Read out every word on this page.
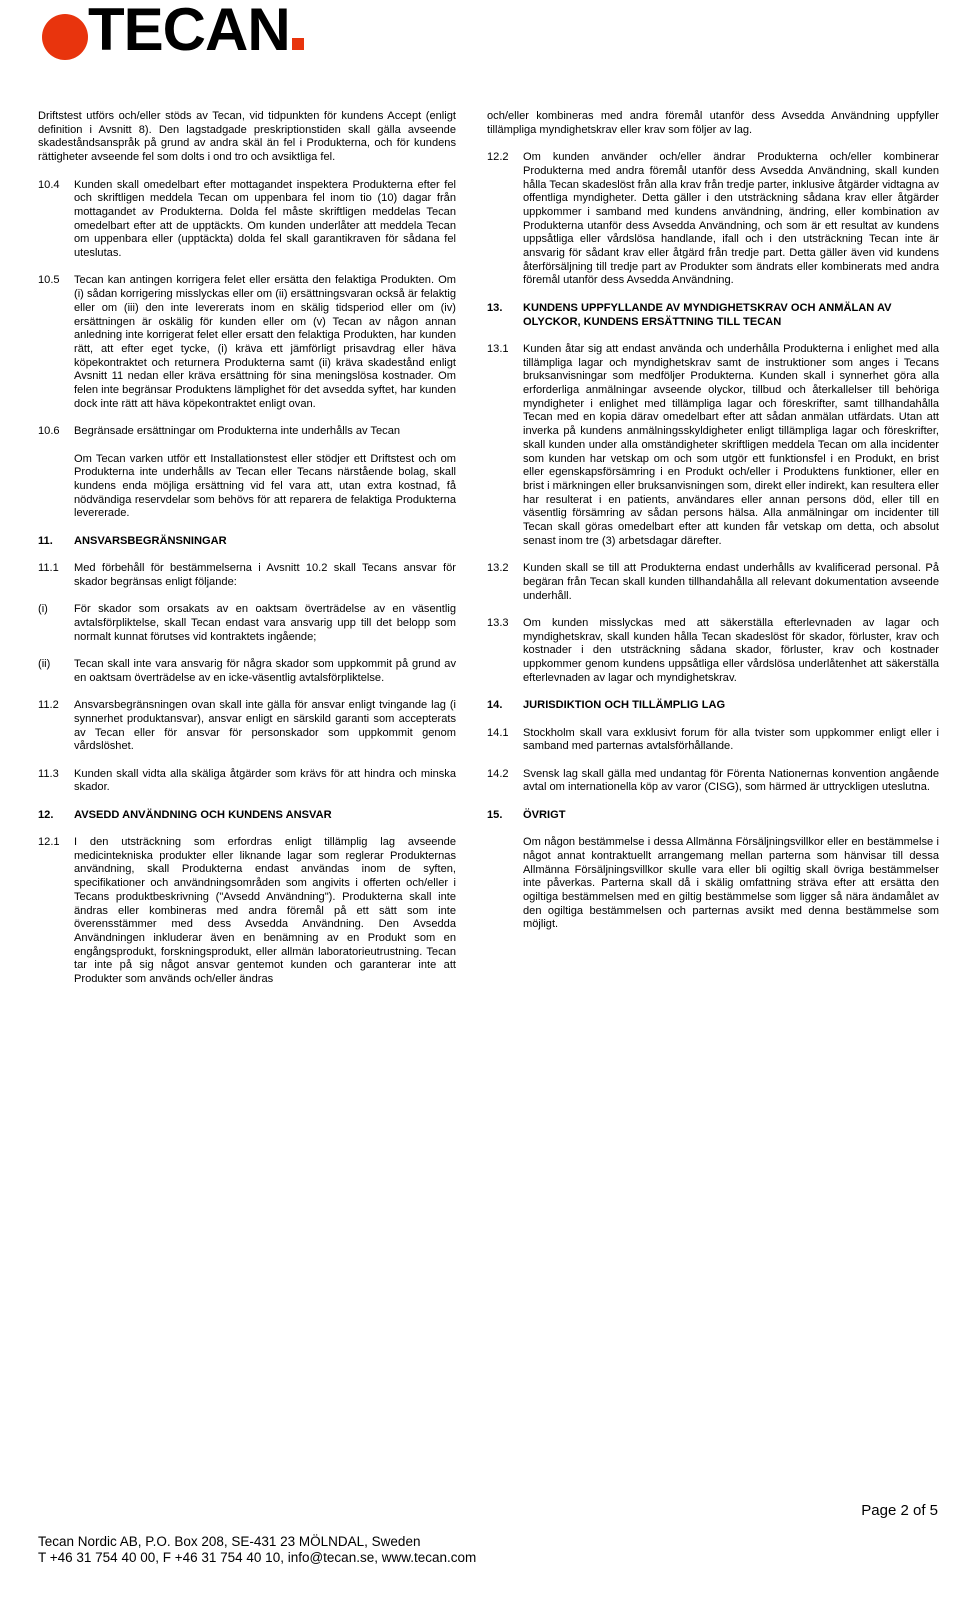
TECAN

Driftstest utförs och/eller stöds av Tecan, vid tidpunkten för kundens Accept (enligt definition i Avsnitt 8). Den lagstadgade preskriptionstiden skall gälla avseende skadeståndsanspråk på grund av andra skäl än fel i Produkterna, och för kundens rättigheter avseende fel som dolts i ond tro och avsiktliga fel.

10.4	Kunden skall omedelbart efter mottagandet inspektera Produkterna efter fel och skriftligen meddela Tecan om uppenbara fel inom tio (10) dagar från mottagandet av Produkterna. Dolda fel måste skriftligen meddelas Tecan omedelbart efter att de upptäckts. Om kunden underlåter att meddela Tecan om uppenbara eller (upptäckta) dolda fel skall garantikraven för sådana fel uteslutas.
10.5	Tecan kan antingen korrigera felet eller ersätta den felaktiga Produkten. Om (i) sådan korrigering misslyckas eller om (ii) ersättningsvaran också är felaktig eller om (iii) den inte levererats inom en skälig tidsperiod eller om (iv) ersättningen är oskälig för kunden eller om (v) Tecan av någon annan anledning inte korrigerat felet eller ersatt den felaktiga Produkten, har kunden rätt, att efter eget tycke, (i) kräva ett jämförligt prisavdrag eller häva köpekontraktet och returnera Produkterna samt (ii) kräva skadestånd enligt Avsnitt 11 nedan eller kräva ersättning för sina meningslösa kostnader. Om felen inte begränsar Produktens lämplighet för det avsedda syftet, har kunden dock inte rätt att häva köpekontraktet enligt ovan.
10.6	Begränsade ersättningar om Produkterna inte underhålls av Tecan
Om Tecan varken utför ett Installationstest eller stödjer ett Driftstest och om Produkterna inte underhålls av Tecan eller Tecans närstående bolag, skall kundens enda möjliga ersättning vid fel vara att, utan extra kostnad, få nödvändiga reservdelar som behövs för att reparera de felaktiga Produkterna levererade.
11.	ANSVARSBEGRÄNSNINGAR
11.1	Med förbehåll för bestämmelserna i Avsnitt 10.2 skall Tecans ansvar för skador begränsas enligt följande:
(i)	För skador som orsakats av en oaktsam överträdelse av en väsentlig avtalsförpliktelse, skall Tecan endast vara ansvarig upp till det belopp som normalt kunnat förutses vid kontraktets ingående;
(ii)	Tecan skall inte vara ansvarig för några skador som uppkommit på grund av en oaktsam överträdelse av en icke-väsentlig avtalsförpliktelse.
11.2	Ansvarsbegränsningen ovan skall inte gälla för ansvar enligt tvingande lag (i synnerhet produktansvar), ansvar enligt en särskild garanti som accepterats av Tecan eller för ansvar för personskador som uppkommit genom vårdslöshet.
11.3	Kunden skall vidta alla skäliga åtgärder som krävs för att hindra och minska skador.
12.	AVSEDD ANVÄNDNING OCH KUNDENS ANSVAR
12.1	I den utsträckning som erfordras enligt tillämplig lag avseende medicintekniska produkter eller liknande lagar som reglerar Produkternas användning, skall Produkterna endast användas inom de syften, specifikationer och användningsområden som angivits i offerten och/eller i Tecans produktbeskrivning ("Avsedd Användning"). Produkterna skall inte ändras eller kombineras med andra föremål på ett sätt som inte överensstämmer med dess Avsedda Användning. Den Avsedda Användningen inkluderar även en benämning av en Produkt som en engångsprodukt, forskningsprodukt, eller allmän laboratorieutrustning. Tecan tar inte på sig något ansvar gentemot kunden och garanterar inte att Produkter som används och/eller ändras

och/eller kombineras med andra föremål utanför dess Avsedda Användning uppfyller tillämpliga myndighetskrav eller krav som följer av lag.

12.2	Om kunden använder och/eller ändrar Produkterna och/eller kombinerar Produkterna med andra föremål utanför dess Avsedda Användning, skall kunden hålla Tecan skadeslöst från alla krav från tredje parter, inklusive åtgärder vidtagna av offentliga myndigheter. Detta gäller i den utsträckning sådana krav eller åtgärder uppkommer i samband med kundens användning, ändring, eller kombination av Produkterna utanför dess Avsedda Användning, och som är ett resultat av kundens uppsåtliga eller vårdslösa handlande, ifall och i den utsträckning Tecan inte är ansvarig för sådant krav eller åtgärd från tredje part. Detta gäller även vid kundens återförsäljning till tredje part av Produkter som ändrats eller kombinerats med andra föremål utanför dess Avsedda Användning.
13.	KUNDENS UPPFYLLANDE AV MYNDIGHETSKRAV OCH ANMÄLAN AV OLYCKOR, KUNDENS ERSÄTTNING TILL TECAN
13.1	Kunden åtar sig att endast använda och underhålla Produkterna i enlighet med alla tillämpliga lagar och myndighetskrav samt de instruktioner som anges i Tecans bruksanvisningar som medföljer Produkterna. Kunden skall i synnerhet göra alla erforderliga anmälningar avseende olyckor, tillbud och återkallelser till behöriga myndigheter i enlighet med tillämpliga lagar och föreskrifter, samt tillhandahålla Tecan med en kopia därav omedelbart efter att sådan anmälan utfärdats. Utan att inverka på kundens anmälningsskyldigheter enligt tillämpliga lagar och föreskrifter, skall kunden under alla omständigheter skriftligen meddela Tecan om alla incidenter som kunden har vetskap om och som utgör ett funktionsfel i en Produkt, en brist eller egenskapsförsämring i en Produkt och/eller i Produktens funktioner, eller en brist i märkningen eller bruksanvisningen som, direkt eller indirekt, kan resultera eller har resulterat i en patients, användares eller annan persons död, eller till en väsentlig försämring av sådan persons hälsa. Alla anmälningar om incidenter till Tecan skall göras omedelbart efter att kunden får vetskap om detta, och absolut senast inom tre (3) arbetsdagar därefter.
13.2	Kunden skall se till att Produkterna endast underhålls av kvalificerad personal. På begäran från Tecan skall kunden tillhandahålla all relevant dokumentation avseende underhåll.
13.3	Om kunden misslyckas med att säkerställa efterlevnaden av lagar och myndighetskrav, skall kunden hålla Tecan skadeslöst för skador, förluster, krav och kostnader i den utsträckning sådana skador, förluster, krav och kostnader uppkommer genom kundens uppsåtliga eller vårdslösa underlåtenhet att säkerställa efterlevnaden av lagar och myndighetskrav.
14.	JURISDIKTION OCH TILLÄMPLIG LAG
14.1	Stockholm skall vara exklusivt forum för alla tvister som uppkommer enligt eller i samband med parternas avtalsförhållande.
14.2	Svensk lag skall gälla med undantag för Förenta Nationernas konvention angående avtal om internationella köp av varor (CISG), som härmed är uttryckligen uteslutna.
15.	ÖVRIGT
Om någon bestämmelse i dessa Allmänna Försäljningsvillkor eller en bestämmelse i något annat kontraktuellt arrangemang mellan parterna som hänvisar till dessa Allmänna Försäljningsvillkor skulle vara eller bli ogiltig skall övriga bestämmelser inte påverkas. Parterna skall då i skälig omfattning sträva efter att ersätta den ogiltiga bestämmelsen med en giltig bestämmelse som ligger så nära ändamålet av den ogiltiga bestämmelsen och parternas avsikt med denna bestämmelse som möjligt.
Page 2 of 5
Tecan Nordic AB, P.O. Box 208, SE-431 23 MÖLNDAL, Sweden
T +46 31 754 40 00, F +46 31 754 40 10, info@tecan.se, www.tecan.com
